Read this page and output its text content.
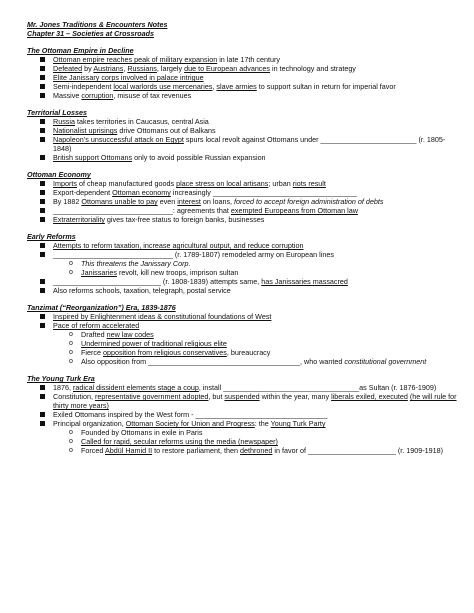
Mr. Jones Traditions & Encounters Notes
Chapter 31 – Societies at Crossroads
The Ottoman Empire in Decline
Ottoman empire reaches peak of military expansion in late 17th century
Defeated by Austrians, Russians, largely due to European advances in technology and strategy
Elite Janissary corps involved in palace intrigue
Semi-independent local warlords use mercenaries, slave armies to support sultan in return for imperial favor
Massive corruption, misuse of tax revenues
Territorial Losses
Russia takes territories in Caucasus, central Asia
Nationalist uprisings drive Ottomans out of Balkans
Napoleon’s unsuccessful attack on Egypt spurs local revolt against Ottomans under ________________________ (r. 1805-1848)
British support Ottomans only to avoid possible Russian expansion
Ottoman Economy
Imports of cheap manufactured goods place stress on local artisans; urban riots result
Export-dependent Ottoman economy increasingly ____________________________________
By 1882 Ottomans unable to pay even interest on loans, forced to accept foreign administration of debts
______________________________: agreements that exempted Europeans from Ottoman law
Extraterritoriality gives tax-free status to foreign banks, businesses
Early Reforms
Attempts to reform taxation, increase agricultural output, and reduce corruption
______________________________ (r. 1789-1807) remodeled army on European lines
o This threatens the Janissary Corp.
o Janissaries revolt, kill new troops, imprison sultan
___________________________ (r. 1808-1839) attempts same, has Janissaries massacred
Also reforms schools, taxation, telegraph, postal service
Tanzimat (“Reorganization”) Era, 1839-1876
Inspired by Enlightenment ideas & constitutional foundations of West
Pace of reform accelerated
o Drafted new law codes
o Undermined power of traditional religious elite
o Fierce opposition from religious conservatives, bureaucracy
o Also opposition from ______________________________________, who wanted constitutional government
The Young Turk Era
1876, radical dissident elements stage a coup, install __________________________________as Sultan (r. 1876-1909)
Constitution, representative government adopted, but suspended within the year, many liberals exiled, executed (he will rule for thirty more years)
Exiled Ottomans inspired by the West form - _________________________________
Principal organization, Ottoman Society for Union and Progress: the Young Turk Party
o Founded by Ottomans in exile in Paris
o Called for rapid, secular reforms using the media (newspaper)
o Forced Abdül Hamid II to restore parliament, then dethroned in favor of ______________________ (r. 1909-1918)
